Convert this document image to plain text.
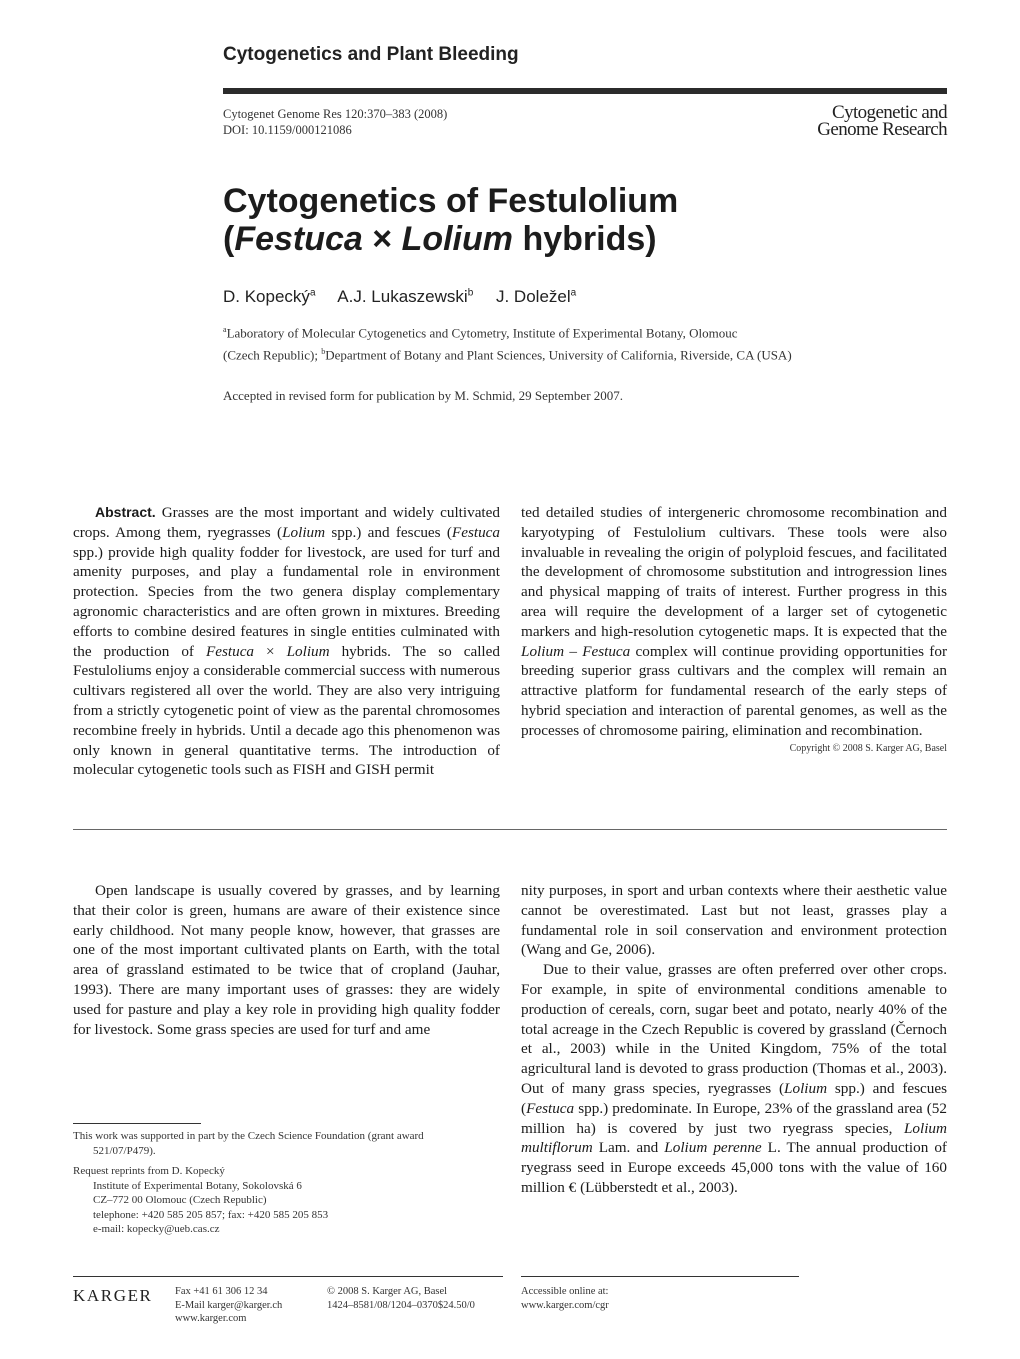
Cytogenetics and Plant Bleeding
Cytogenet Genome Res 120:370–383 (2008)
DOI: 10.1159/000121086
Cytogenetic and
Genome Research
Cytogenetics of Festulolium
(Festuca × Lolium hybrids)
D. Kopecký$^a$ A.J. Lukaszewski$^b$ J. Doležel$^a$
$^a$Laboratory of Molecular Cytogenetics and Cytometry, Institute of Experimental Botany, Olomouc
(Czech Republic); $^b$Department of Botany and Plant Sciences, University of California, Riverside, CA (USA)
Accepted in revised form for publication by M. Schmid, 29 September 2007.

Abstract. Grasses are the most important and widely cultivated crops. Among them, ryegrasses (Lolium spp.) and fescues (Festuca spp.) provide high quality fodder for livestock, are used for turf and amenity purposes, and play a fundamental role in environment protection. Species from the two genera display complementary agronomic characteristics and are often grown in mixtures. Breeding efforts to combine desired features in single entities culminated with the production of Festuca × Lolium hybrids. The so called Festuloliums enjoy a considerable commercial success with numerous cultivars registered all over the world. They are also very intriguing from a strictly cytogenetic point of view as the parental chromosomes recombine freely in hybrids. Until a decade ago this phenomenon was only known in general quantitative terms. The introduction of molecular cytogenetic tools such as FISH and GISH permit

ted detailed studies of intergeneric chromosome recombination and karyotyping of Festulolium cultivars. These tools were also invaluable in revealing the origin of polyploid fescues, and facilitated the development of chromosome substitution and introgression lines and physical mapping of traits of interest. Further progress in this area will require the development of a larger set of cytogenetic markers and high-resolution cytogenetic maps. It is expected that the Lolium – Festuca complex will continue providing opportunities for breeding superior grass cultivars and the complex will remain an attractive platform for fundamental research of the early steps of hybrid speciation and interaction of parental genomes, as well as the processes of chromosome pairing, elimination and recombination.

Copyright © 2008 S. Karger AG, Basel

Open landscape is usually covered by grasses, and by learning that their color is green, humans are aware of their existence since early childhood. Not many people know, however, that grasses are one of the most important cultivated plants on Earth, with the total area of grassland estimated to be twice that of cropland (Jauhar, 1993). There are many important uses of grasses: they are widely used for pasture and play a key role in providing high quality fodder for livestock. Some grass species are used for turf and ame

nity purposes, in sport and urban contexts where their aesthetic value cannot be overestimated. Last but not least, grasses play a fundamental role in soil conservation and environment protection (Wang and Ge, 2006).

Due to their value, grasses are often preferred over other crops. For example, in spite of environmental conditions amenable to production of cereals, corn, sugar beet and potato, nearly 40% of the total acreage in the Czech Republic is covered by grassland (Černoch et al., 2003) while in the United Kingdom, 75% of the total agricultural land is devoted to grass production (Thomas et al., 2003). Out of many grass species, ryegrasses (Lolium spp.) and fescues (Festuca spp.) predominate. In Europe, 23% of the grassland area (52 million ha) is covered by just two ryegrass species, Lolium multiflorum Lam. and Lolium perenne L. The annual production of ryegrass seed in Europe exceeds 45,000 tons with the value of 160 million € (Lübberstedt et al., 2003).

This work was supported in part by the Czech Science Foundation (grant award
521/07/P479).
Request reprints from D. Kopecký
Institute of Experimental Botany, Sokolovská 6
CZ–772 00 Olomouc (Czech Republic)
telephone: +420 585 205 857; fax: +420 585 205 853
e-mail: kopecky@ueb.cas.cz
KARGER Fax +41 61 306 12 34
E-Mail karger@karger.ch
www.karger.com
© 2008 S. Karger AG, Basel
1424–8581/08/1204–0370$24.50/0
Accessible online at:
www.karger.com/cgr
